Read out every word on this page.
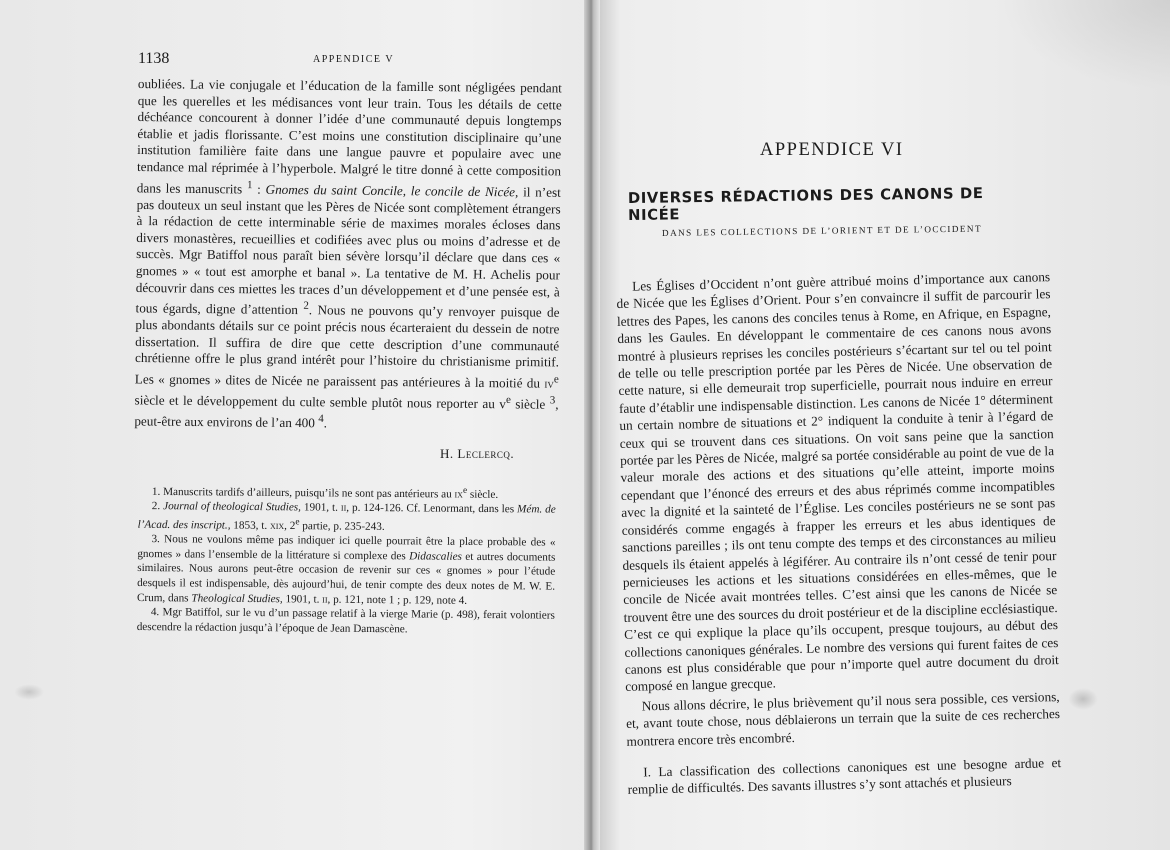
1138	APPENDICE V

oubliées. La vie conjugale et l’éducation de la famille sont négligées pendant que les querelles et les médisances vont leur train. Tous les détails de cette déchéance concourent à donner l’idée d’une communauté depuis longtemps établie et jadis florissante. C’est moins une constitution disciplinaire qu’une institution familière faite dans une langue pauvre et populaire avec une tendance mal réprimée à l’hyperbole. Malgré le titre donné à cette composition dans les manuscrits $^1$ : Gnomes du saint Concile, le concile de Nicée, il n’est pas douteux un seul instant que les Pères de Nicée sont complètement étrangers à la rédaction de cette interminable série de maximes morales écloses dans divers monastères, recueillies et codifiées avec plus ou moins d’adresse et de succès. Mgr Batiffol nous paraît bien sévère lorsqu’il déclare que dans ces « gnomes » « tout est amorphe et banal ». La tentative de M. H. Achelis pour découvrir dans ces miettes les traces d’un développement et d’une pensée est, à tous égards, digne d’attention $^2$. Nous ne pouvons qu’y renvoyer puisque de plus abondants détails sur ce point précis nous écarteraient du dessein de notre dissertation. Il suffira de dire que cette description d’une communauté chrétienne offre le plus grand intérêt pour l’histoire du christianisme primitif. Les « gnomes » dites de Nicée ne paraissent pas antérieures à la moitié du $iv^e$ siècle et le développement du culte semble plutôt nous reporter au $v^e$ siècle $^3$, peut-être aux environs de l’an 400 $^4$.

H. Leclercq.

1. Manuscrits tardifs d’ailleurs, puisqu’ils ne sont pas antérieurs au $ix^e$ siècle.

2. Journal of theological Studies, 1901, t. ii, p. 124-126. Cf. Lenormant, dans les Mém. de l’Acad. des inscript., 1853, t. xix, 2e partie, p. 235-243.

3. Nous ne voulons même pas indiquer ici quelle pourrait être la place probable des « gnomes » dans l’ensemble de la littérature si complexe des Didascalies et autres documents similaires. Nous aurons peut-être occasion de revenir sur ces « gnomes » pour l’étude desquels il est indispensable, dès aujourd’hui, de tenir compte des deux notes de M. W. E. Crum, dans Theological Studies, 1901, t. ii, p. 121, note 1 ; p. 129, note 4.

4. Mgr Batiffol, sur le vu d’un passage relatif à la vierge Marie (p. 498), ferait volontiers descendre la rédaction jusqu’à l’époque de Jean Damascène.

APPENDICE VI
DIVERSES RÉDACTIONS DES CANONS DE NICÉE
DANS LES COLLECTIONS DE L’ORIENT ET DE L’OCCIDENT

Les Églises d’Occident n’ont guère attribué moins d’importance aux canons de Nicée que les Églises d’Orient. Pour s’en convaincre il suffit de parcourir les lettres des Papes, les canons des conciles tenus à Rome, en Afrique, en Espagne, dans les Gaules. En développant le commentaire de ces canons nous avons montré à plusieurs reprises les conciles postérieurs s’écartant sur tel ou tel point de telle ou telle prescription portée par les Pères de Nicée. Une observation de cette nature, si elle demeurait trop superficielle, pourrait nous induire en erreur faute d’établir une indispensable distinction. Les canons de Nicée 1° déterminent un certain nombre de situations et 2° indiquent la conduite à tenir à l’égard de ceux qui se trouvent dans ces situations. On voit sans peine que la sanction portée par les Pères de Nicée, malgré sa portée considérable au point de vue de la valeur morale des actions et des situations qu’elle atteint, importe moins cependant que l’énoncé des erreurs et des abus réprimés comme incompatibles avec la dignité et la sainteté de l’Église. Les conciles postérieurs ne se sont pas considérés comme engagés à frapper les erreurs et les abus identiques de sanctions pareilles ; ils ont tenu compte des temps et des circonstances au milieu desquels ils étaient appelés à légiférer. Au contraire ils n’ont cessé de tenir pour pernicieuses les actions et les situations considérées en elles-mêmes, que le concile de Nicée avait montrées telles. C’est ainsi que les canons de Nicée se trouvent être une des sources du droit postérieur et de la discipline ecclésiastique. C’est ce qui explique la place qu’ils occupent, presque toujours, au début des collections canoniques générales. Le nombre des versions qui furent faites de ces canons est plus considérable que pour n’importe quel autre document du droit composé en langue grecque.

Nous allons décrire, le plus brièvement qu’il nous sera possible, ces versions, et, avant toute chose, nous déblaierons un terrain que la suite de ces recherches montrera encore très encombré.

I. La classification des collections canoniques est une besogne ardue et remplie de difficultés. Des savants illustres s’y sont attachés et plusieurs
